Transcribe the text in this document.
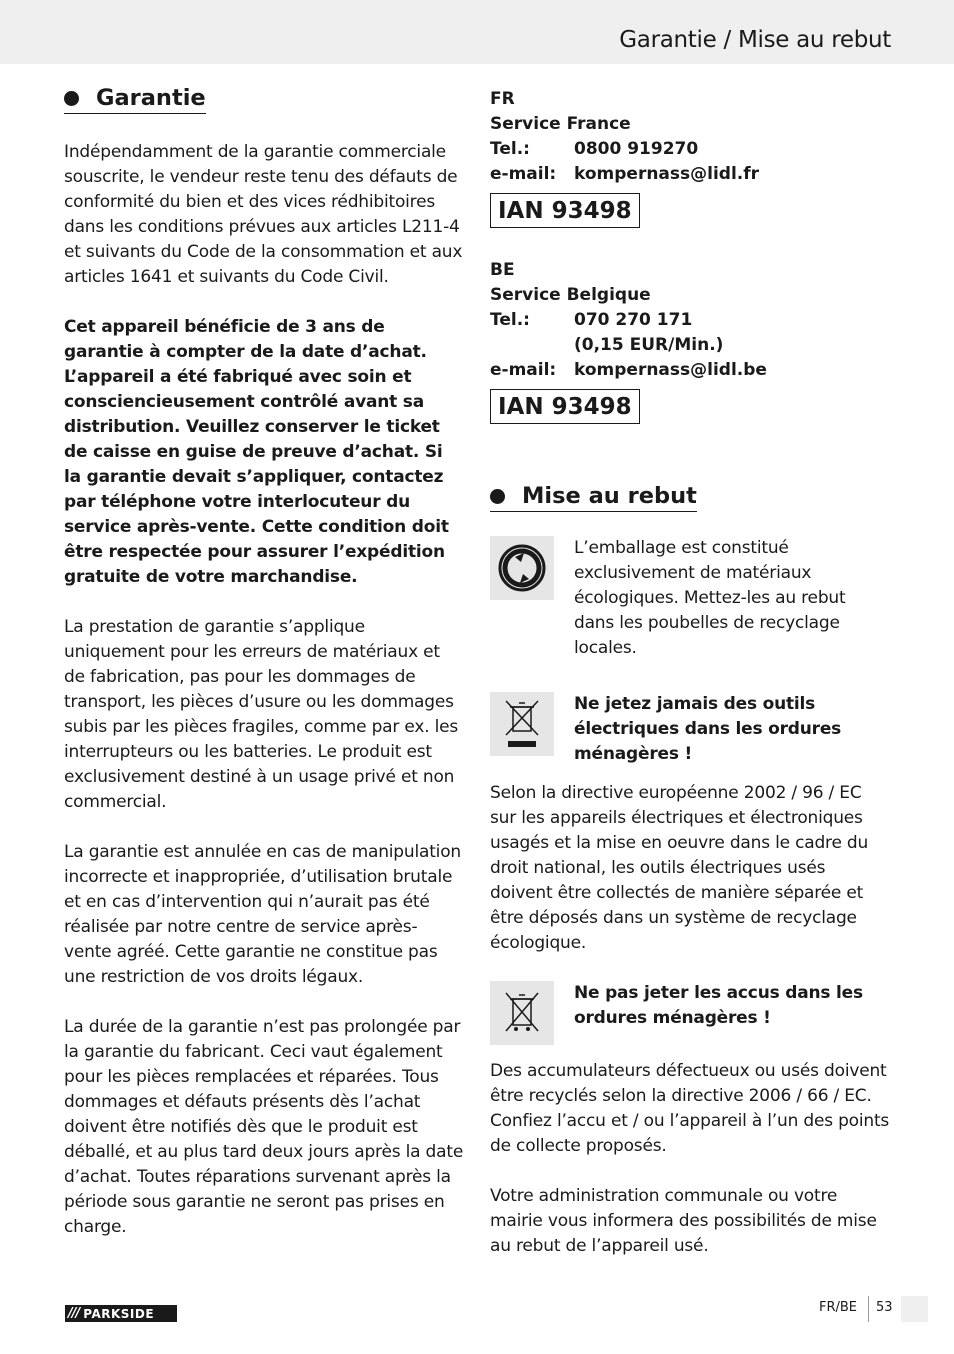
Garantie / Mise au rebut
Garantie

Indépendamment de la garantie commerciale souscrite, le vendeur reste tenu des défauts de conformité du bien et des vices rédhibitoires dans les conditions prévues aux articles L211-4 et suivants du Code de la consommation et aux articles 1641 et suivants du Code Civil.

Cet appareil bénéficie de 3 ans de garantie à compter de la date d’achat. L’appareil a été fabriqué avec soin et consciencieusement contrôlé avant sa distribution. Veuillez conserver le ticket de caisse en guise de preuve d’achat. Si la garantie devait s’appliquer, contactez par téléphone votre interlocuteur du service après-vente. Cette condition doit être respectée pour assurer l’expédition gratuite de votre marchandise.

La prestation de garantie s’applique uniquement pour les erreurs de matériaux et de fabrication, pas pour les dommages de transport, les pièces d’usure ou les dommages subis par les pièces fragiles, comme par ex. les interrupteurs ou les batteries. Le produit est exclusivement destiné à un usage privé et non commercial.

La garantie est annulée en cas de manipulation incorrecte et inappropriée, d’utilisation brutale et en cas d’intervention qui n’aurait pas été réalisée par notre centre de service après-vente agréé. Cette garantie ne constitue pas une restriction de vos droits légaux.

La durée de la garantie n’est pas prolongée par la garantie du fabricant. Ceci vaut également pour les pièces remplacées et réparées. Tous dommages et défauts présents dès l’achat doivent être notifiés dès que le produit est déballé, et au plus tard deux jours après la date d’achat. Toutes réparations survenant après la période sous garantie ne seront pas prises en charge.

FR
Service France
Tel.:	0800 919270
e-mail:	kompernass@lidl.fr
IAN 93498
BE
Service Belgique
Tel.:	070 270 171
(0,15 EUR/Min.)
e-mail:	kompernass@lidl.be
IAN 93498
Mise au rebut

L’emballage est constitué exclusivement de matériaux écologiques. Mettez-les au rebut dans les poubelles de recyclage locales.

Ne jetez jamais des outils électriques dans les ordures ménagères !

Selon la directive européenne 2002 / 96 / EC sur les appareils électriques et électroniques usagés et la mise en oeuvre dans le cadre du droit national, les outils électriques usés doivent être collectés de manière séparée et être déposés dans un système de recyclage écologique.

Ne pas jeter les accus dans les ordures ménagères !

Des accumulateurs défectueux ou usés doivent être recyclés selon la directive 2006 / 66 / EC. Confiez l’accu et / ou l’appareil à l’un des points de collecte proposés.

Votre administration communale ou votre mairie vous informera des possibilités de mise au rebut de l’appareil usé.

/// PARKSIDE	FR/BE 53
